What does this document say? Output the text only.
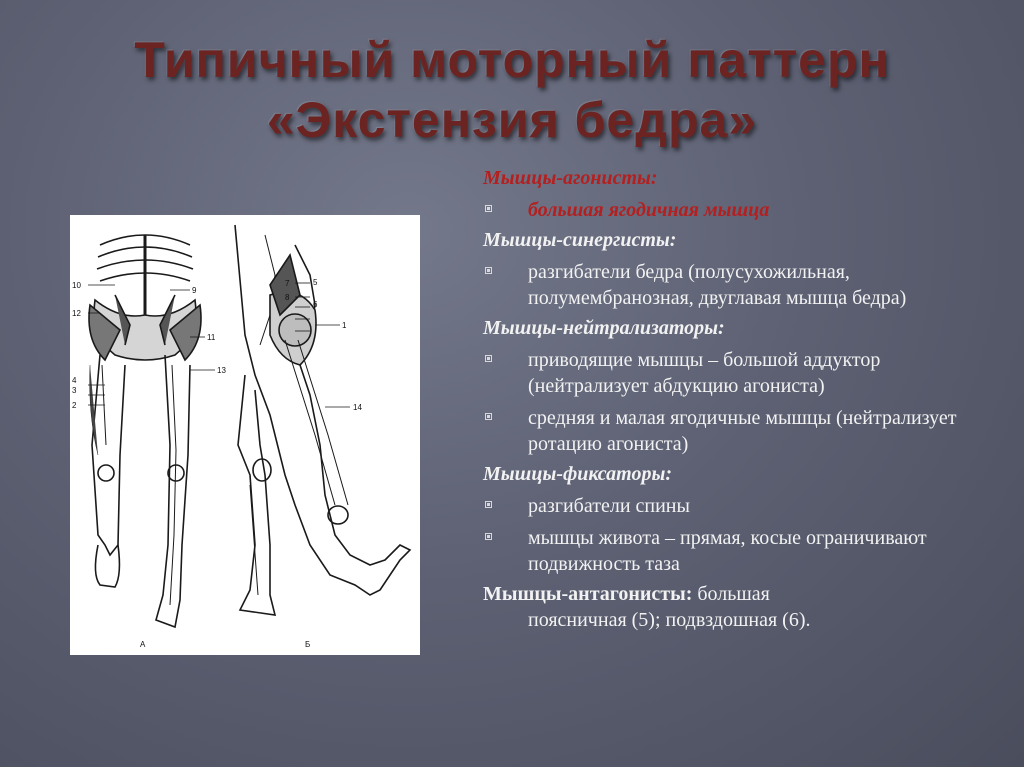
Типичный моторный паттерн
«Экстензия бедра»
10
12
4
3
2
9
11
13
7
8
6
5
1
14
А	Б
Мышцы-агонисты:
большая ягодичная мышца
Мышцы-синергисты:
разгибатели бедра (полусухожильная, полумембранозная, двуглавая мышца бедра)
Мышцы-нейтрализаторы:
приводящие мышцы – большой аддуктор (нейтрализует абдукцию агониста)
средняя и малая ягодичные мышцы (нейтрализует ротацию агониста)
Мышцы-фиксаторы:
разгибатели спины
мышцы живота – прямая, косые ограничивают подвижность таза
Мышцы-антагонисты: большая
поясничная (5); подвздошная (6).
